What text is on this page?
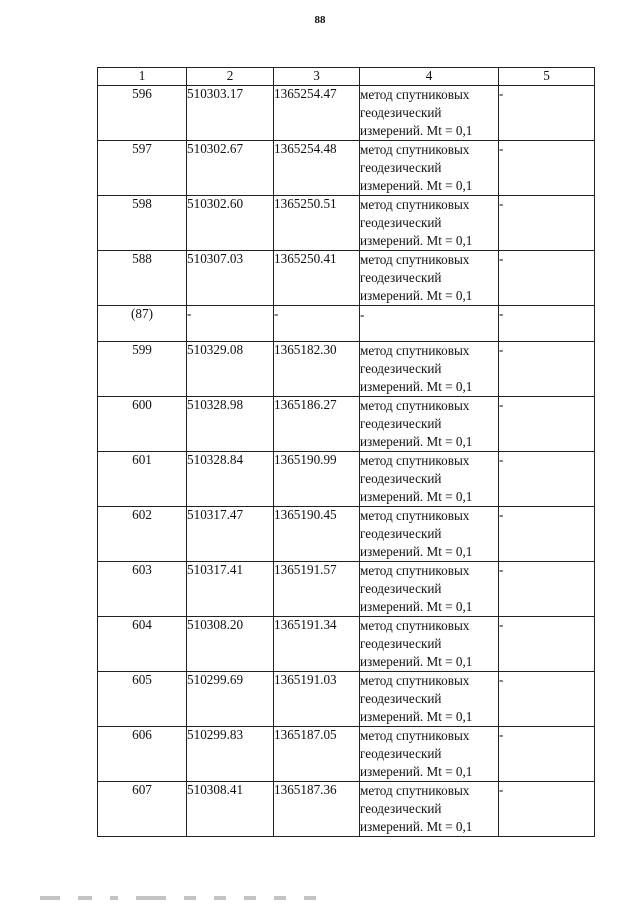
88
1	2	3	4	5
596	510303.17	1365254.47	метод спутниковых геодезический измерений. Mt = 0,1	-
597	510302.67	1365254.48	метод спутниковых геодезический измерений. Mt = 0,1	-
598	510302.60	1365250.51	метод спутниковых геодезический измерений. Mt = 0,1	-
588	510307.03	1365250.41	метод спутниковых геодезический измерений. Mt = 0,1	-
(87)	-	-	-	-
599	510329.08	1365182.30	метод спутниковых геодезический измерений. Mt = 0,1	-
600	510328.98	1365186.27	метод спутниковых геодезический измерений. Mt = 0,1	-
601	510328.84	1365190.99	метод спутниковых геодезический измерений. Mt = 0,1	-
602	510317.47	1365190.45	метод спутниковых геодезический измерений. Mt = 0,1	-
603	510317.41	1365191.57	метод спутниковых геодезический измерений. Mt = 0,1	-
604	510308.20	1365191.34	метод спутниковых геодезический измерений. Mt = 0,1	-
605	510299.69	1365191.03	метод спутниковых геодезический измерений. Mt = 0,1	-
606	510299.83	1365187.05	метод спутниковых геодезический измерений. Mt = 0,1	-
607	510308.41	1365187.36	метод спутниковых геодезический измерений. Mt = 0,1	-
